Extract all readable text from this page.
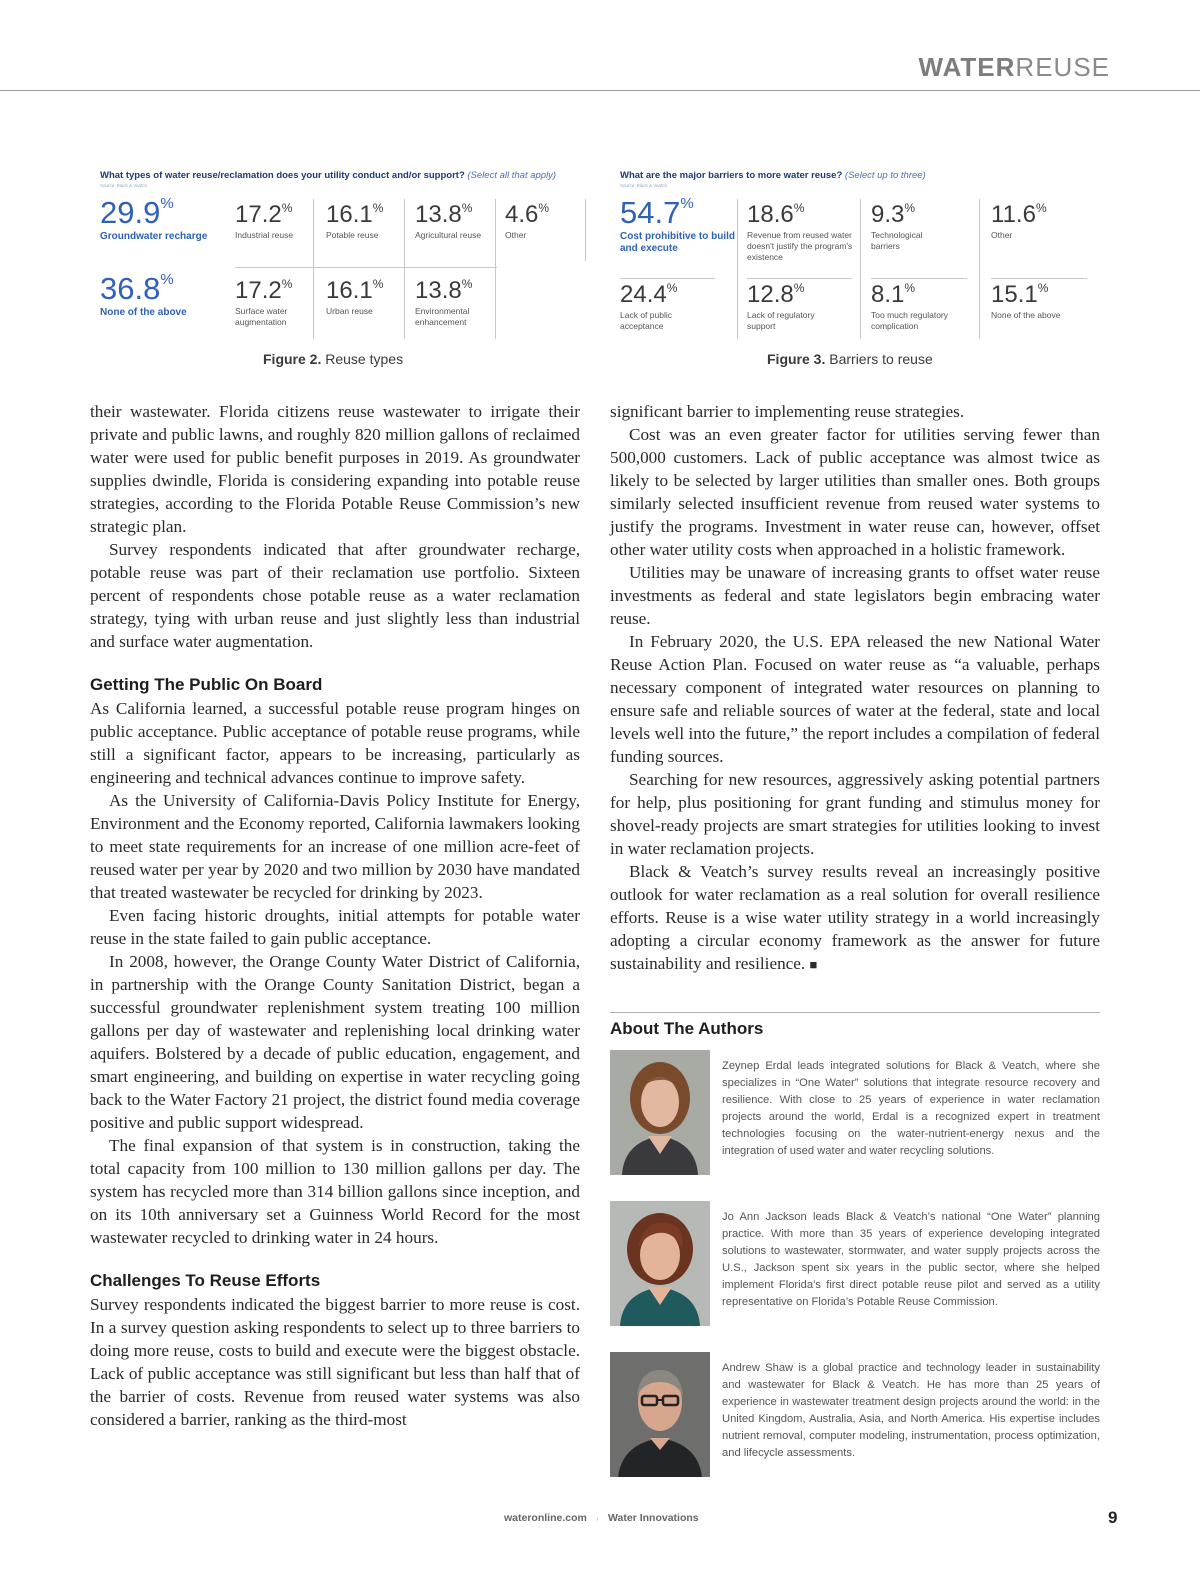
WATERREUSE
What types of water reuse/reclamation does your utility conduct and/or support? (Select all that apply)
Source: Black & Veatch
29.9%
Groundwater recharge
17.2%
Industrial reuse
16.1%
Potable reuse
13.8%
Agricultural reuse
4.6%
Other
36.8%
None of the above
17.2%
Surface water augmentation
16.1%
Urban reuse
13.8%
Environmental enhancement
Figure 2. Reuse types
What are the major barriers to more water reuse? (Select up to three)
Source: Black & Veatch
54.7%
Cost prohibitive to build and execute
18.6%
Revenue from reused water doesn't justify the program's existence
9.3%
Technological barriers
11.6%
Other
24.4%
Lack of public acceptance
12.8%
Lack of regulatory support
8.1%
Too much regulatory complication
15.1%
None of the above
Figure 3. Barriers to reuse

their wastewater. Florida citizens reuse wastewater to irrigate their private and public lawns, and roughly 820 million gallons of reclaimed water were used for public benefit purposes in 2019. As groundwater supplies dwindle, Florida is considering expanding into potable reuse strategies, according to the Florida Potable Reuse Commission’s new strategic plan.

Survey respondents indicated that after groundwater recharge, potable reuse was part of their reclamation use portfolio. Sixteen percent of respondents chose potable reuse as a water reclamation strategy, tying with urban reuse and just slightly less than industrial and surface water augmentation.

Getting The Public On Board

As California learned, a successful potable reuse program hinges on public acceptance. Public acceptance of potable reuse programs, while still a significant factor, appears to be increasing, particularly as engineering and technical advances continue to improve safety.

As the University of California-Davis Policy Institute for Energy, Environment and the Economy reported, California lawmakers looking to meet state requirements for an increase of one million acre-feet of reused water per year by 2020 and two million by 2030 have mandated that treated wastewater be recycled for drinking by 2023.

Even facing historic droughts, initial attempts for potable water reuse in the state failed to gain public acceptance.

In 2008, however, the Orange County Water District of California, in partnership with the Orange County Sanitation District, began a successful groundwater replenishment system treating 100 million gallons per day of wastewater and replenishing local drinking water aquifers. Bolstered by a decade of public education, engagement, and smart engineering, and building on expertise in water recycling going back to the Water Factory 21 project, the district found media coverage positive and public support widespread.

The final expansion of that system is in construction, taking the total capacity from 100 million to 130 million gallons per day. The system has recycled more than 314 billion gallons since inception, and on its 10th anniversary set a Guinness World Record for the most wastewater recycled to drinking water in 24 hours.

Challenges To Reuse Efforts

Survey respondents indicated the biggest barrier to more reuse is cost. In a survey question asking respondents to select up to three barriers to doing more reuse, costs to build and execute were the biggest obstacle. Lack of public acceptance was still significant but less than half that of the barrier of costs. Revenue from reused water systems was also considered a barrier, ranking as the third-most

significant barrier to implementing reuse strategies.

Cost was an even greater factor for utilities serving fewer than 500,000 customers. Lack of public acceptance was almost twice as likely to be selected by larger utilities than smaller ones. Both groups similarly selected insufficient revenue from reused water systems to justify the programs. Investment in water reuse can, however, offset other water utility costs when approached in a holistic framework.

Utilities may be unaware of increasing grants to offset water reuse investments as federal and state legislators begin embracing water reuse.

In February 2020, the U.S. EPA released the new National Water Reuse Action Plan. Focused on water reuse as “a valuable, perhaps necessary component of integrated water resources on planning to ensure safe and reliable sources of water at the federal, state and local levels well into the future,” the report includes a compilation of federal funding sources.

Searching for new resources, aggressively asking potential partners for help, plus positioning for grant funding and stimulus money for shovel-ready projects are smart strategies for utilities looking to invest in water reclamation projects.

Black & Veatch’s survey results reveal an increasingly positive outlook for water reclamation as a real solution for overall resilience efforts. Reuse is a wise water utility strategy in a world increasingly adopting a circular economy framework as the answer for future sustainability and resilience. ■

About The Authors
Zeynep Erdal leads integrated solutions for Black & Veatch, where she specializes in “One Water” solutions that integrate resource recovery and resilience. With close to 25 years of experience in water reclamation projects around the world, Erdal is a recognized expert in treatment technologies focusing on the water-nutrient-energy nexus and the integration of used water and water recycling solutions.
Jo Ann Jackson leads Black & Veatch’s national “One Water” planning practice. With more than 35 years of experience developing integrated solutions to wastewater, stormwater, and water supply projects across the U.S., Jackson spent six years in the public sector, where she helped implement Florida’s first direct potable reuse pilot and served as a utility representative on Florida’s Potable Reuse Commission.
Andrew Shaw is a global practice and technology leader in sustainability and wastewater for Black & Veatch. He has more than 25 years of experience in wastewater treatment design projects around the world: in the United Kingdom, Australia, Asia, and North America. His expertise includes nutrient removal, computer modeling, instrumentation, process optimization, and lifecycle assessments.
wateronline.com › Water Innovations	9
